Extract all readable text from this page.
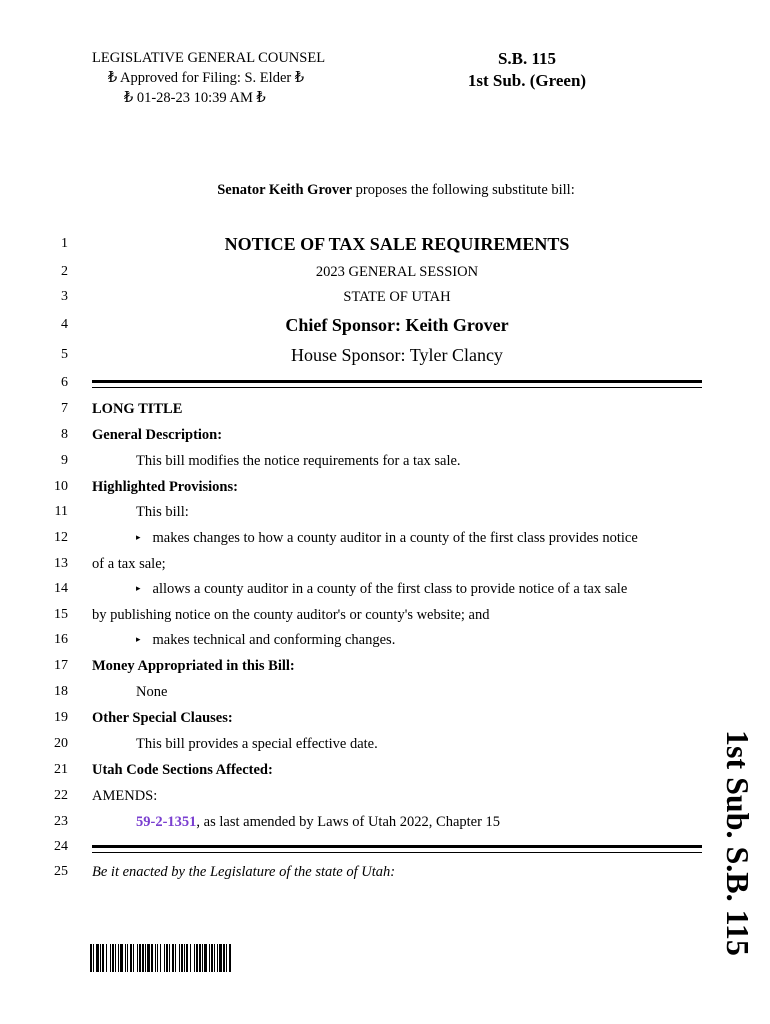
LEGISLATIVE GENERAL COUNSEL
₺ Approved for Filing: S. Elder ₺
₺ 01-28-23 10:39 AM ₺
S.B. 115
1st Sub. (Green)
Senator Keith Grover proposes the following substitute bill:
1
2
3
4
5
6
7
8
9
10
11
12
13
14
15
16
17
18
19
20
21
22
23
24
25
NOTICE OF TAX SALE REQUIREMENTS
2023 GENERAL SESSION
STATE OF UTAH
Chief Sponsor: Keith Grover
House Sponsor: Tyler Clancy
LONG TITLE
General Description:
This bill modifies the notice requirements for a tax sale.
Highlighted Provisions:
This bill:
▸ makes changes to how a county auditor in a county of the first class provides notice
of a tax sale;
▸ allows a county auditor in a county of the first class to provide notice of a tax sale
by publishing notice on the county auditor's or county's website; and
▸ makes technical and conforming changes.
Money Appropriated in this Bill:
None
Other Special Clauses:
This bill provides a special effective date.
Utah Code Sections Affected:
AMENDS:
59-2-1351, as last amended by Laws of Utah 2022, Chapter 15
Be it enacted by the Legislature of the state of Utah:	1st Sub. S.B. 115
